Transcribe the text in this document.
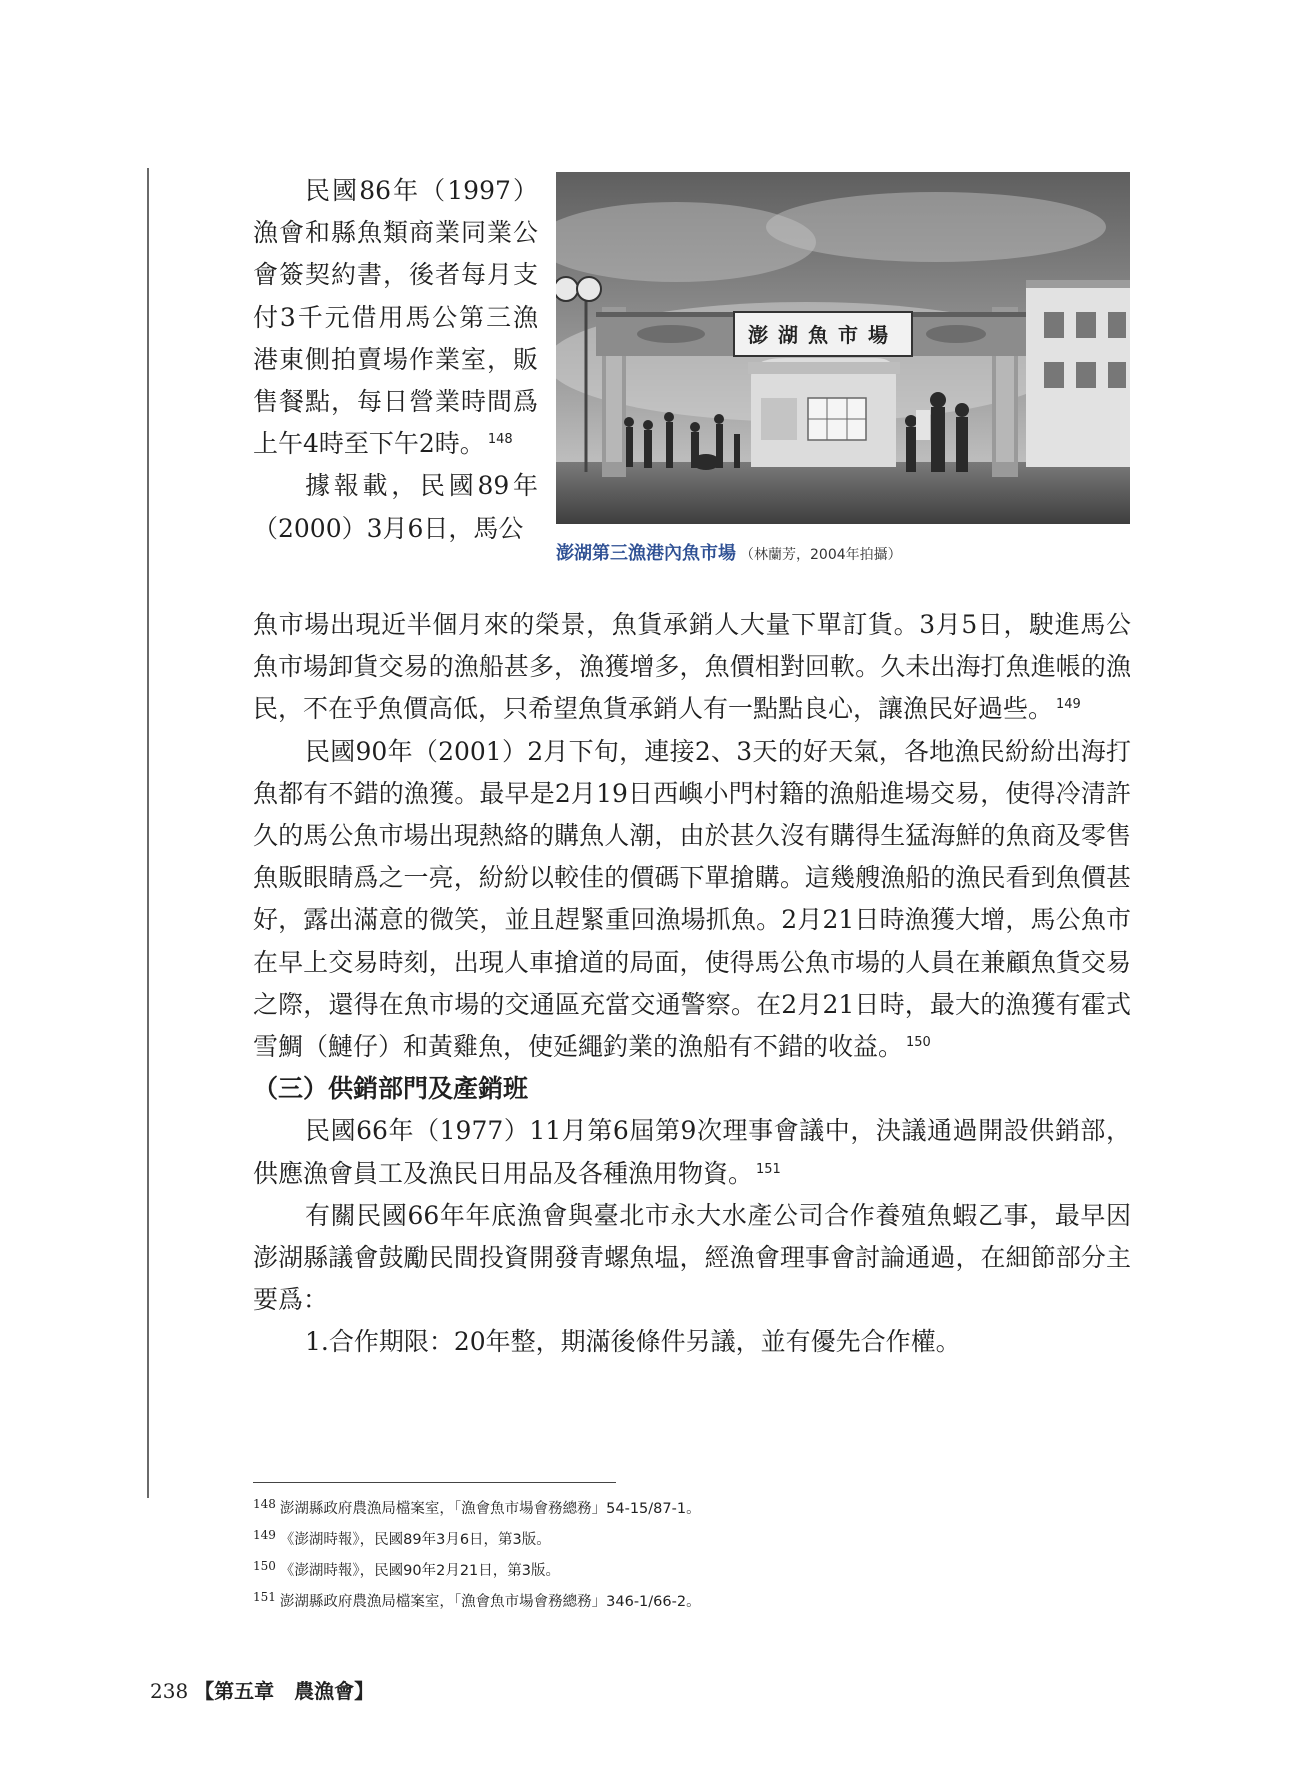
民國86年（1997）漁會和縣魚類商業同業公會簽契約書，後者每月支付3千元借用馬公第三漁港東側拍賣場作業室，販售餐點，每日營業時間爲上午4時至下午2時。 $^{148}$

據報載，民國89年（2000）3月6日，馬公

澎湖魚市場
澎湖第三漁港內魚市場 （林蘭芳，2004年拍攝）

魚市場出現近半個月來的榮景，魚貨承銷人大量下單訂貨。3月5日，駛進馬公魚市場卸貨交易的漁船甚多，漁獲增多，魚價相對回軟。久未出海打魚進帳的漁民，不在乎魚價高低，只希望魚貨承銷人有一點點良心，讓漁民好過些。 $^{149}$

民國90年（2001）2月下旬，連接2、3天的好天氣，各地漁民紛紛出海打魚都有不錯的漁獲。最早是2月19日西嶼小門村籍的漁船進場交易，使得冷清許久的馬公魚市場出現熱絡的購魚人潮，由於甚久沒有購得生猛海鮮的魚商及零售魚販眼睛爲之一亮，紛紛以較佳的價碼下單搶購。這幾艘漁船的漁民看到魚價甚好，露出滿意的微笑，並且趕緊重回漁場抓魚。2月21日時漁獲大增，馬公魚市在早上交易時刻，出現人車搶道的局面，使得馬公魚市場的人員在兼顧魚貨交易之際，還得在魚市場的交通區充當交通警察。在2月21日時，最大的漁獲有霍式雪鯛（鰱仔）和黃雞魚，使延繩釣業的漁船有不錯的收益。 $^{150}$

（三）供銷部門及產銷班

民國66年（1977）11月第6屆第9次理事會議中，決議通過開設供銷部，供應漁會員工及漁民日用品及各種漁用物資。 $^{151}$

有關民國66年年底漁會與臺北市永大水產公司合作養殖魚蝦乙事，最早因澎湖縣議會鼓勵民間投資開發青螺魚塭，經漁會理事會討論通過，在細節部分主要爲：

1.合作期限：20年整，期滿後條件另議，並有優先合作權。

$^{148}$ 澎湖縣政府農漁局檔案室，「漁會魚市場會務總務」54-15/87-1。
$^{149}$ 《澎湖時報》，民國89年3月6日，第3版。
$^{150}$ 《澎湖時報》，民國90年2月21日，第3版。
$^{151}$ 澎湖縣政府農漁局檔案室，「漁會魚市場會務總務」346-1/66-2。
238 【第五章　農漁會】
